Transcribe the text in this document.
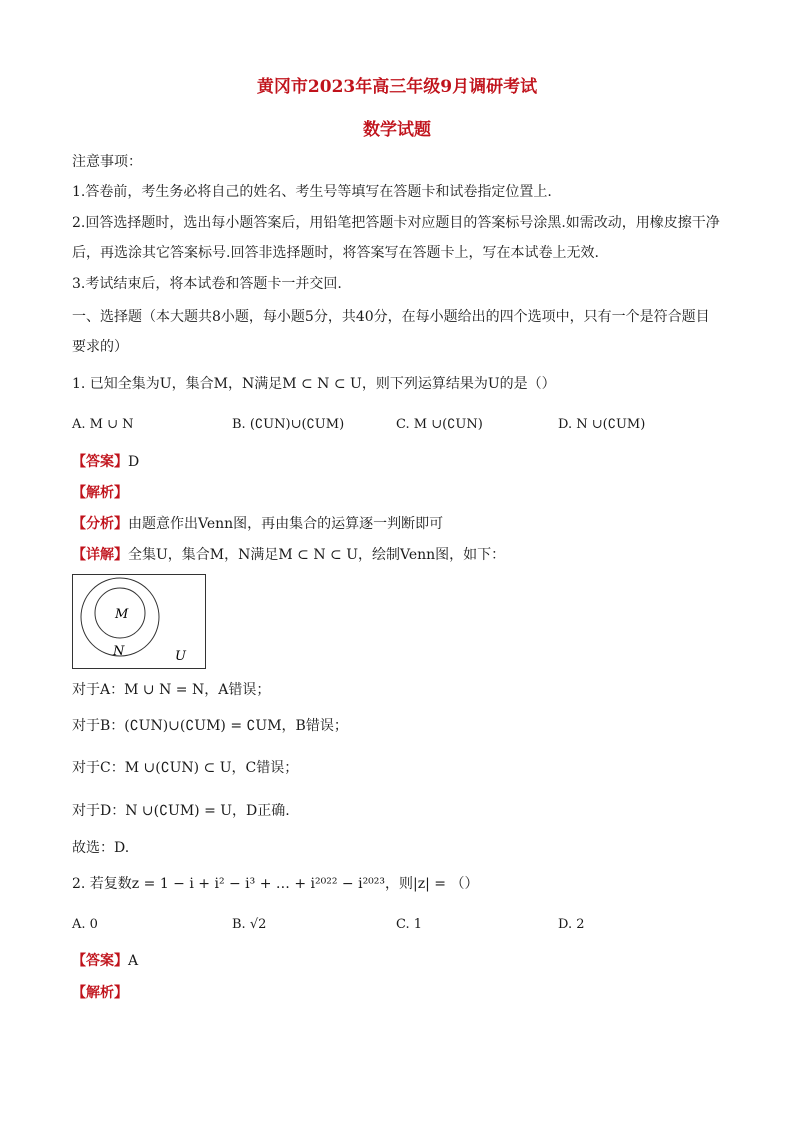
黄冈市2023年高三年级9月调研考试
数学试题
注意事项：
1.答卷前，考生务必将自己的姓名、考生号等填写在答题卡和试卷指定位置上.
2.回答选择题时，选出每小题答案后，用铅笔把答题卡对应题目的答案标号涂黑.如需改动，用橡皮擦干净
后，再选涂其它答案标号.回答非选择题时，将答案写在答题卡上，写在本试卷上无效.
3.考试结束后，将本试卷和答题卡一并交回.
一、选择题（本大题共8小题，每小题5分，共40分，在每小题给出的四个选项中，只有一个是符合题目
要求的）
1. 已知全集为U，集合M，N满足M ⊂ N ⊂ U，则下列运算结果为U的是（）
A. M ∪ N	B. (∁UN)∪(∁UM)	C. M ∪(∁UN)	D. N ∪(∁UM)
【答案】D
【解析】
【分析】由题意作出Venn图，再由集合的运算逐一判断即可
【详解】全集U，集合M，N满足M ⊂ N ⊂ U，绘制Venn图，如下：
M
N	U
对于A：M ∪ N = N，A错误；
对于B：(∁UN)∪(∁UM) = ∁UM，B错误；
对于C：M ∪(∁UN) ⊂ U，C错误；
对于D：N ∪(∁UM) = U，D正确.
故选：D.
2. 若复数z = 1 − i + i² − i³ + … + i²⁰²² − i²⁰²³，则|z| = （）
A. 0	B. √2	C. 1	D. 2
【答案】A
【解析】
